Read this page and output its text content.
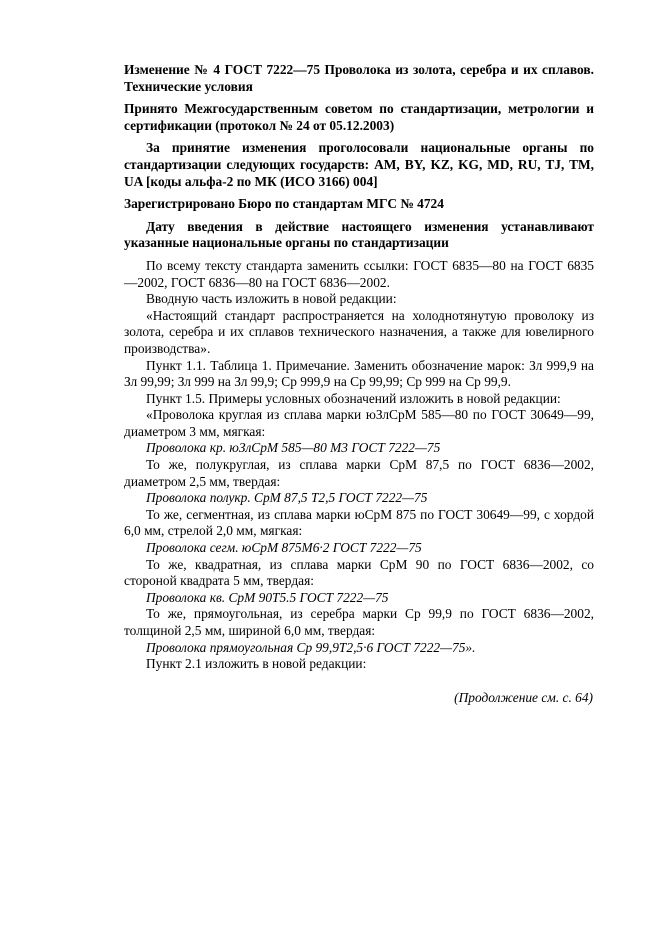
Изменение № 4 ГОСТ 7222—75 Проволока из золота, серебра и их сплавов. Технические условия

Принято Межгосударственным советом по стандартизации, метрологии и сертификации (протокол № 24 от 05.12.2003)

За принятие изменения проголосовали национальные органы по стандартизации следующих государств: AM, BY, KZ, KG, MD, RU, TJ, TM, UA [коды альфа-2 по МК (ИСО 3166) 004]

Зарегистрировано Бюро по стандартам МГС № 4724

Дату введения в действие настоящего изменения устанавливают указанные национальные органы по стандартизации

По всему тексту стандарта заменить ссылки: ГОСТ 6835—80 на ГОСТ 6835—2002, ГОСТ 6836—80 на ГОСТ 6836—2002.

Вводную часть изложить в новой редакции:

«Настоящий стандарт распространяется на холоднотянутую проволоку из золота, серебра и их сплавов технического назначения, а также для ювелирного производства».

Пункт 1.1. Таблица 1. Примечание. Заменить обозначение марок: Зл 999,9 на Зл 99,99; Зл 999 на Зл 99,9; Ср 999,9 на Ср 99,99; Ср 999 на Ср 99,9.

Пункт 1.5. Примеры условных обозначений изложить в новой редакции:

«Проволока круглая из сплава марки юЗлСрМ 585—80 по ГОСТ 30649—99, диаметром 3 мм, мягкая:

Проволока кр. юЗлСрМ 585—80 М3 ГОСТ 7222—75

То же, полукруглая, из сплава марки СрМ 87,5 по ГОСТ 6836—2002, диаметром 2,5 мм, твердая:

Проволока полукр. СрМ 87,5 Т2,5 ГОСТ 7222—75

То же, сегментная, из сплава марки юСрМ 875 по ГОСТ 30649—99, с хордой 6,0 мм, стрелой 2,0 мм, мягкая:

Проволока сегм. юСрМ 875М6·2 ГОСТ 7222—75

То же, квадратная, из сплава марки СрМ 90 по ГОСТ 6836—2002, со стороной квадрата 5 мм, твердая:

Проволока кв. СрМ 90Т5.5 ГОСТ 7222—75

То же, прямоугольная, из серебра марки Ср 99,9 по ГОСТ 6836—2002, толщиной 2,5 мм, шириной 6,0 мм, твердая:

Проволока прямоугольная Ср 99,9Т2,5·6 ГОСТ 7222—75».

Пункт 2.1 изложить в новой редакции:

(Продолжение см. с. 64)
